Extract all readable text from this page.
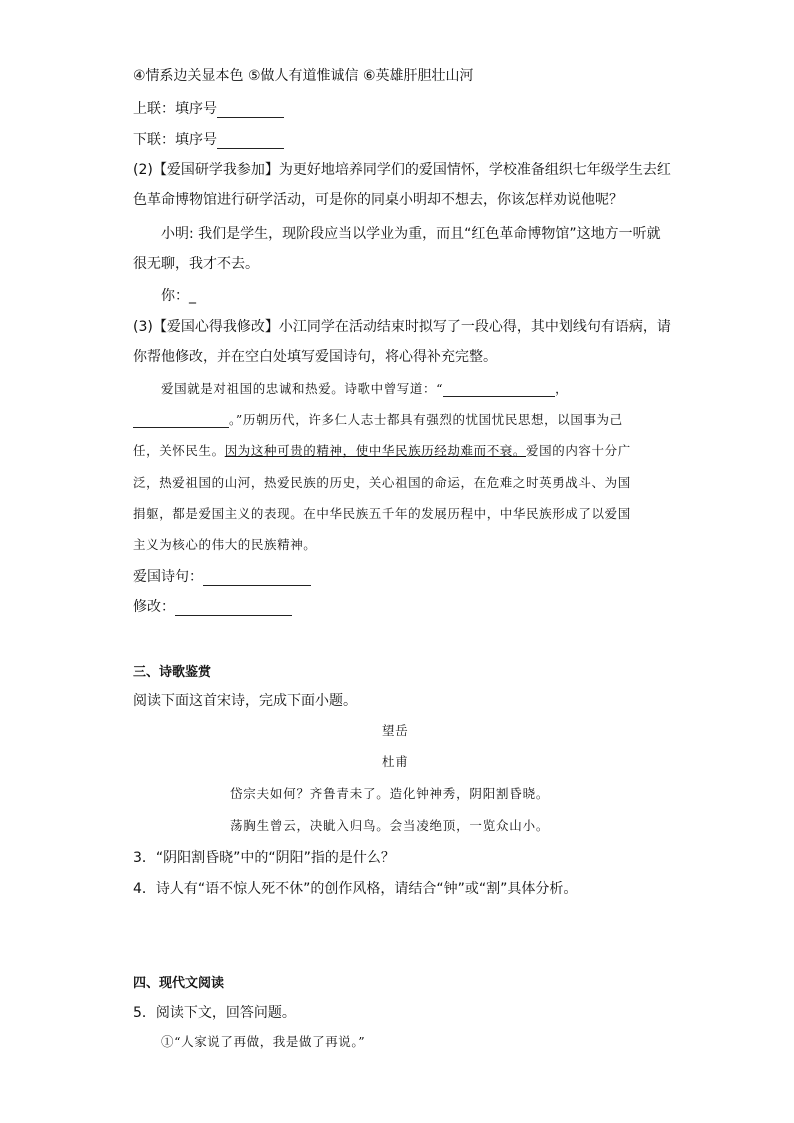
④情系边关显本色 ⑤做人有道惟诚信 ⑥英雄肝胆壮山河
上联：填序号
下联：填序号
(2)【爱国研学我参加】为更好地培养同学们的爱国情怀，学校准备组织七年级学生去红
色革命博物馆进行研学活动，可是你的同桌小明却不想去，你该怎样劝说他呢？
小明: 我们是学生，现阶段应当以学业为重，而且“红色革命博物馆”这地方一听就
很无聊，我才不去。
你：_
(3)【爱国心得我修改】小江同学在活动结束时拟写了一段心得，其中划线句有语病，请
你帮他修改，并在空白处填写爱国诗句，将心得补充完整。
爱国就是对祖国的忠诚和热爱。诗歌中曾写道：“	，
。”历朝历代，许多仁人志士都具有强烈的忧国忧民思想，以国事为己
任，关怀民生。因为这种可贵的精神，使中华民族历经劫难而不衰。爱国的内容十分广
泛，热爱祖国的山河，热爱民族的历史，关心祖国的命运，在危难之时英勇战斗、为国
捐躯，都是爱国主义的表现。在中华民族五千年的发展历程中，中华民族形成了以爱国
主义为核心的伟大的民族精神。
爱国诗句：
修改：
三、诗歌鉴赏
阅读下面这首宋诗，完成下面小题。
望岳
杜甫
岱宗夫如何？齐鲁青未了。造化钟神秀，阴阳割昏晓。
荡胸生曾云，决眦入归鸟。会当凌绝顶，一览众山小。
3．“阴阳割昏晓”中的“阴阳”指的是什么？
4．诗人有“语不惊人死不休”的创作风格，请结合“钟”或“割”具体分析。
四、现代文阅读
5．阅读下文，回答问题。
①“人家说了再做，我是做了再说。”
